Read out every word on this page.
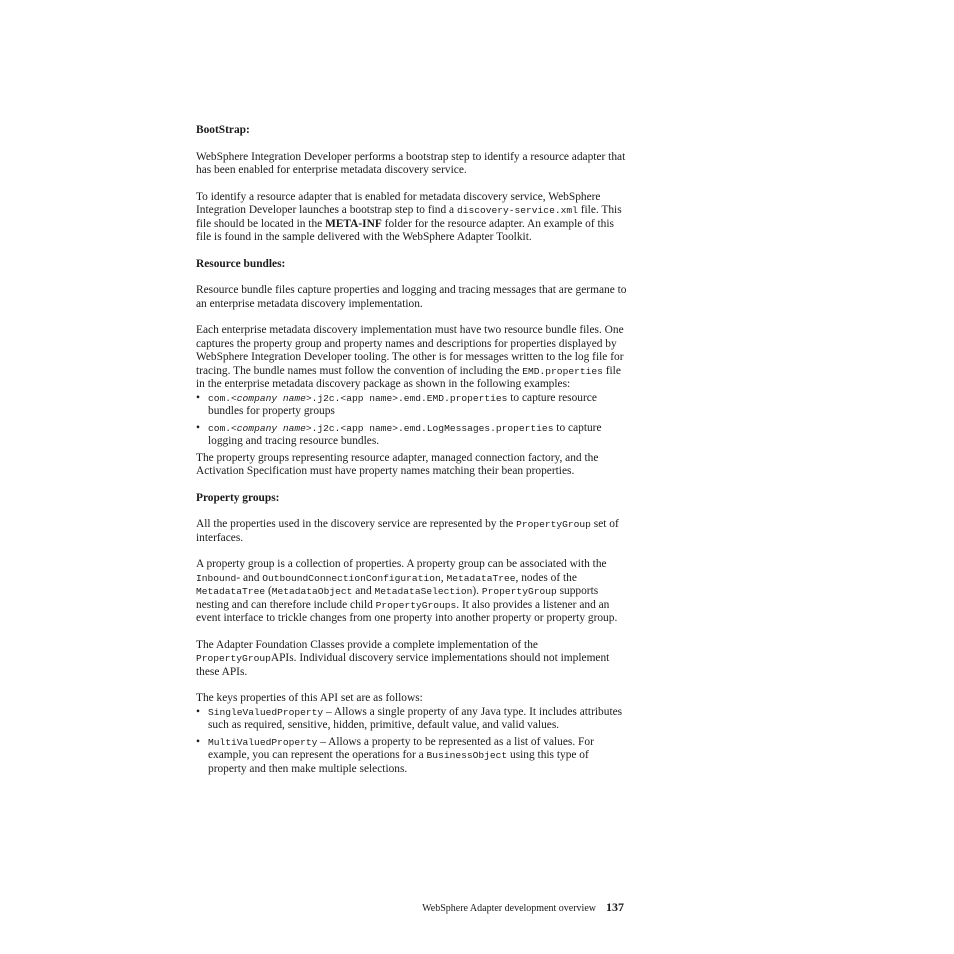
BootStrap:

WebSphere Integration Developer performs a bootstrap step to identify a resource adapter that has been enabled for enterprise metadata discovery service.

To identify a resource adapter that is enabled for metadata discovery service, WebSphere Integration Developer launches a bootstrap step to find a discovery-service.xml file. This file should be located in the META-INF folder for the resource adapter. An example of this file is found in the sample delivered with the WebSphere Adapter Toolkit.

Resource bundles:

Resource bundle files capture properties and logging and tracing messages that are germane to an enterprise metadata discovery implementation.

Each enterprise metadata discovery implementation must have two resource bundle files. One captures the property group and property names and descriptions for properties displayed by WebSphere Integration Developer tooling. The other is for messages written to the log file for tracing. The bundle names must follow the convention of including the EMD.properties file in the enterprise metadata discovery package as shown in the following examples:

• com.<company name>.j2c.<app name>.emd.EMD.properties to capture resource bundles for property groups
• com.<company name>.j2c.<app name>.emd.LogMessages.properties to capture logging and tracing resource bundles.

The property groups representing resource adapter, managed connection factory, and the Activation Specification must have property names matching their bean properties.

Property groups:

All the properties used in the discovery service are represented by the PropertyGroup set of interfaces.

A property group is a collection of properties. A property group can be associated with the Inbound- and OutboundConnectionConfiguration, MetadataTree, nodes of the MetadataTree (MetadataObject and MetadataSelection). PropertyGroup supports nesting and can therefore include child PropertyGroups. It also provides a listener and an event interface to trickle changes from one property into another property or property group.

The Adapter Foundation Classes provide a complete implementation of the PropertyGroupAPIs. Individual discovery service implementations should not implement these APIs.

The keys properties of this API set are as follows:

• SingleValuedProperty – Allows a single property of any Java type. It includes attributes such as required, sensitive, hidden, primitive, default value, and valid values.
• MultiValuedProperty – Allows a property to be represented as a list of values. For example, you can represent the operations for a BusinessObject using this type of property and then make multiple selections.
WebSphere Adapter development overview 137
